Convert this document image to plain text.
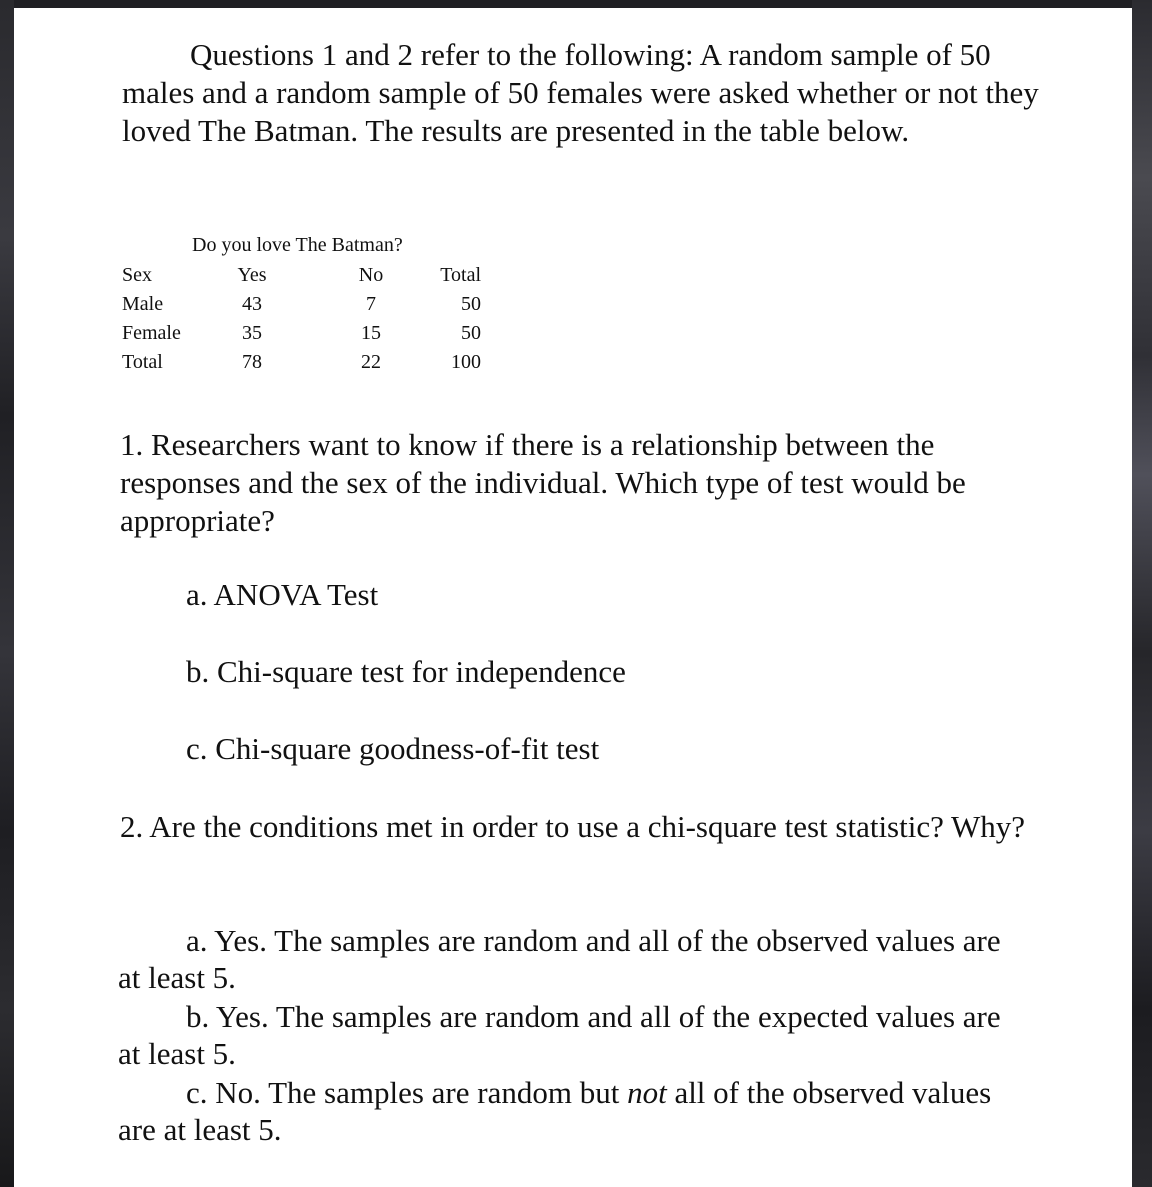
Questions 1 and 2 refer to the following: A random sample of 50 males and a random sample of 50 females were asked whether or not they loved The Batman. The results are presented in the table below.

Do you love The Batman?
Sex	Yes		No	Total
Male	43		7	50
Female	35		15	50
Total	78		22	100

1. Researchers want to know if there is a relationship between the responses and the sex of the individual. Which type of test would be appropriate?

a. ANOVA Test

b. Chi-square test for independence

c. Chi-square goodness-of-fit test

2. Are the conditions met in order to use a chi-square test statistic? Why?

a. Yes. The samples are random and all of the observed values are at least 5.

b. Yes. The samples are random and all of the expected values are at least 5.

c. No. The samples are random but not all of the observed values are at least 5.
